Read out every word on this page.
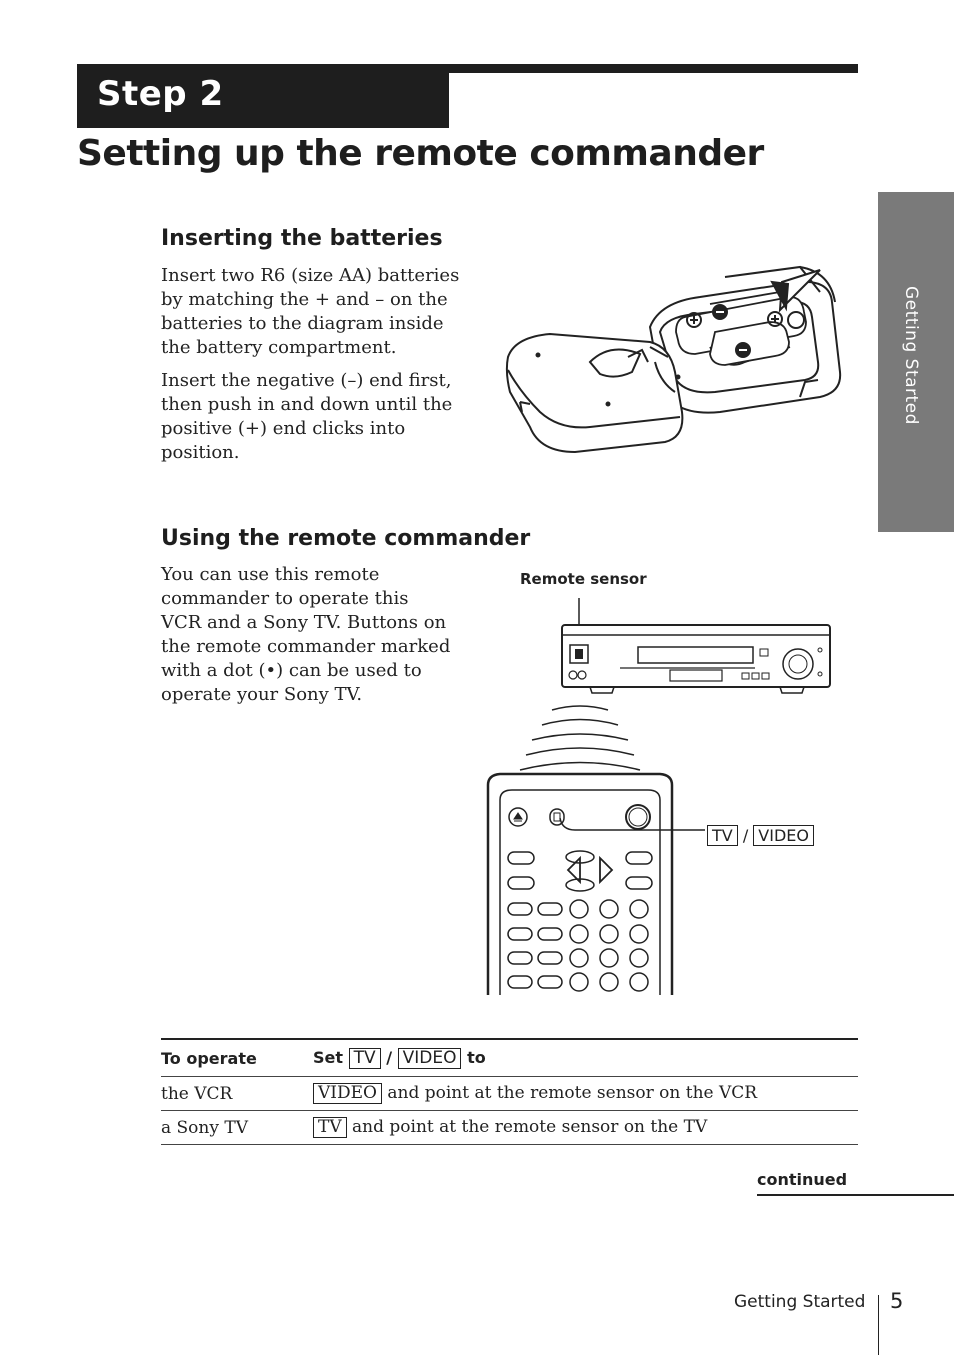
Step 2
Setting up the remote commander
Getting Started
Inserting the batteries

Insert two R6 (size AA) batteries by matching the + and – on the batteries to the diagram inside the battery compartment.

Insert the negative (–) end first, then push in and down until the positive (+) end clicks into position.

Using the remote commander

You can use this remote commander to operate this VCR and a Sony TV. Buttons on the remote commander marked with a dot (•) can be used to operate your Sony TV.

Remote sensor
TV / VIDEO
To operate	Set TV / VIDEO to
the VCR	VIDEO and point at the remote sensor on the VCR
a Sony TV	TV and point at the remote sensor on the TV
continued
Getting Started 5
